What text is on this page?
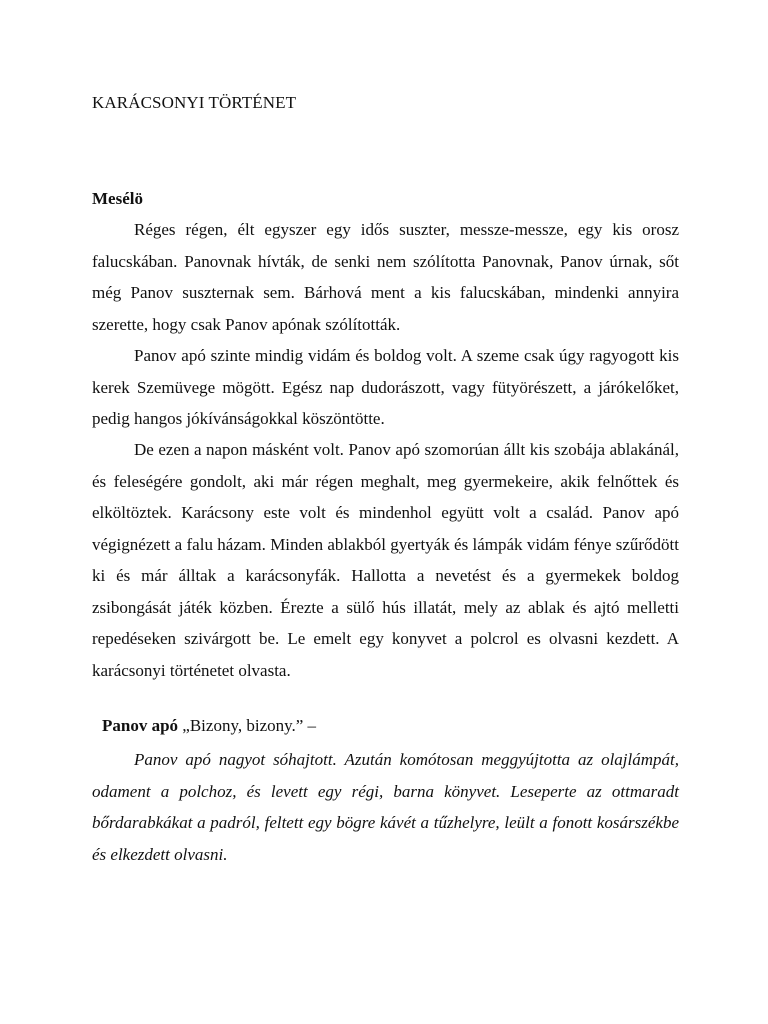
KARÁCSONYI TÖRTÉNET
Mesélö

Réges régen, élt egyszer egy idős suszter, messze-messze, egy kis orosz falucskában. Panovnak hívták, de senki nem szólította Panovnak, Panov úrnak, sőt még Panov suszternak sem. Bárhová ment a kis falucskában, mindenki annyira szerette, hogy csak Panov apónak szólították.

Panov apó szinte mindig vidám és boldog volt. A szeme csak úgy ragyogott kis kerek Szemüvege mögött. Egész nap dudorászott, vagy fütyörészett, a járókelőket, pedig hangos jókívánságokkal köszöntötte.

De ezen a napon másként volt. Panov apó szomorúan állt kis szobája ablakánál, és feleségére gondolt, aki már régen meghalt, meg gyermekeire, akik felnőttek és elköltöztek. Karácsony este volt és mindenhol együtt volt a család. Panov apó végignézett a falu házam. Minden ablakból gyertyák és lámpák vidám fénye szűrődött ki és már álltak a karácsonyfák. Hallotta a nevetést és a gyermekek boldog zsibongását játék közben. Érezte a sülő hús illatát, mely az ablak és ajtó melletti repedéseken szivárgott be. Le emelt egy konyvet a polcrol es olvasni kezdett. A karácsonyi történetet olvasta.

Panov apó „Bizony, bizony.” –

Panov apó nagyot sóhajtott. Azután komótosan meggyújtotta az olajlámpát, odament a polchoz, és levett egy régi, barna könyvet. Leseperte az ottmaradt bőrdarabkákat a padról, feltett egy bögre kávét a tűzhelyre, leült a fonott kosárszékbe és elkezdett olvasni.
